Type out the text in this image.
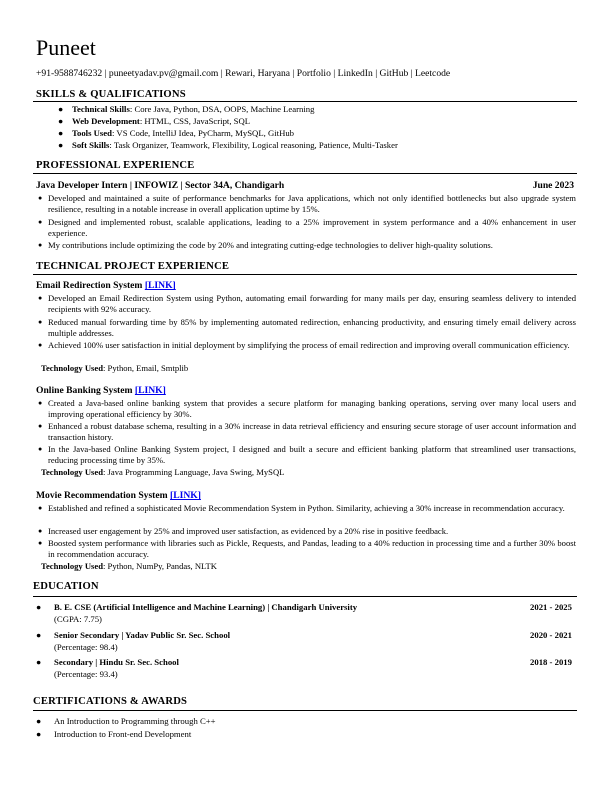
Puneet
+91-9588746232 | puneetyadav.pv@gmail.com | Rewari, Haryana | Portfolio | LinkedIn | GitHub | Leetcode
SKILLS & QUALIFICATIONS
● Technical Skills: Core Java, Python, DSA, OOPS, Machine Learning
● Web Development: HTML, CSS, JavaScript, SQL
● Tools Used: VS Code, IntelliJ Idea, PyCharm, MySQL, GitHub
● Soft Skills: Task Organizer, Teamwork, Flexibility, Logical reasoning, Patience, Multi-Tasker
PROFESSIONAL EXPERIENCE
Java Developer Intern | INFOWIZ | Sector 34A, Chandigarh	June 2023
● Developed and maintained a suite of performance benchmarks for Java applications, which not only identified bottlenecks but also upgrade system resilience, resulting in a notable increase in overall application uptime by 15%.
● Designed and implemented robust, scalable applications, leading to a 25% improvement in system performance and a 40% enhancement in user experience.
● My contributions include optimizing the code by 20% and integrating cutting-edge technologies to deliver high-quality solutions.
TECHNICAL PROJECT EXPERIENCE
Email Redirection System [LINK]
● Developed an Email Redirection System using Python, automating email forwarding for many mails per day, ensuring seamless delivery to intended recipients with 92% accuracy.
● Reduced manual forwarding time by 85% by implementing automated redirection, enhancing productivity, and ensuring timely email delivery across multiple addresses.
● Achieved 100% user satisfaction in initial deployment by simplifying the process of email redirection and improving overall communication efficiency.
Technology Used: Python, Email, Smtplib
Online Banking System [LINK]
● Created a Java-based online banking system that provides a secure platform for managing banking operations, serving over many local users and improving operational efficiency by 30%.
● Enhanced a robust database schema, resulting in a 30% increase in data retrieval efficiency and ensuring secure storage of user account information and transaction history.
● In the Java-based Online Banking System project, I designed and built a secure and efficient banking platform that streamlined user transactions, reducing processing time by 35%.
Technology Used: Java Programming Language, Java Swing, MySQL
Movie Recommendation System [LINK]
● Established and refined a sophisticated Movie Recommendation System in Python. Similarity, achieving a 30% increase in recommendation accuracy.
● Increased user engagement by 25% and improved user satisfaction, as evidenced by a 20% rise in positive feedback.
● Boosted system performance with libraries such as Pickle, Requests, and Pandas, leading to a 40% reduction in processing time and a further 30% boost in recommendation accuracy.
Technology Used: Python, NumPy, Pandas, NLTK
EDUCATION
● B. E. CSE (Artificial Intelligence and Machine Learning) | Chandigarh University	2021 - 2025
(CGPA: 7.75)
● Senior Secondary | Yadav Public Sr. Sec. School	2020 - 2021
(Percentage: 98.4)
● Secondary | Hindu Sr. Sec. School	2018 - 2019
(Percentage: 93.4)
CERTIFICATIONS & AWARDS
● An Introduction to Programming through C++
● Introduction to Front-end Development
